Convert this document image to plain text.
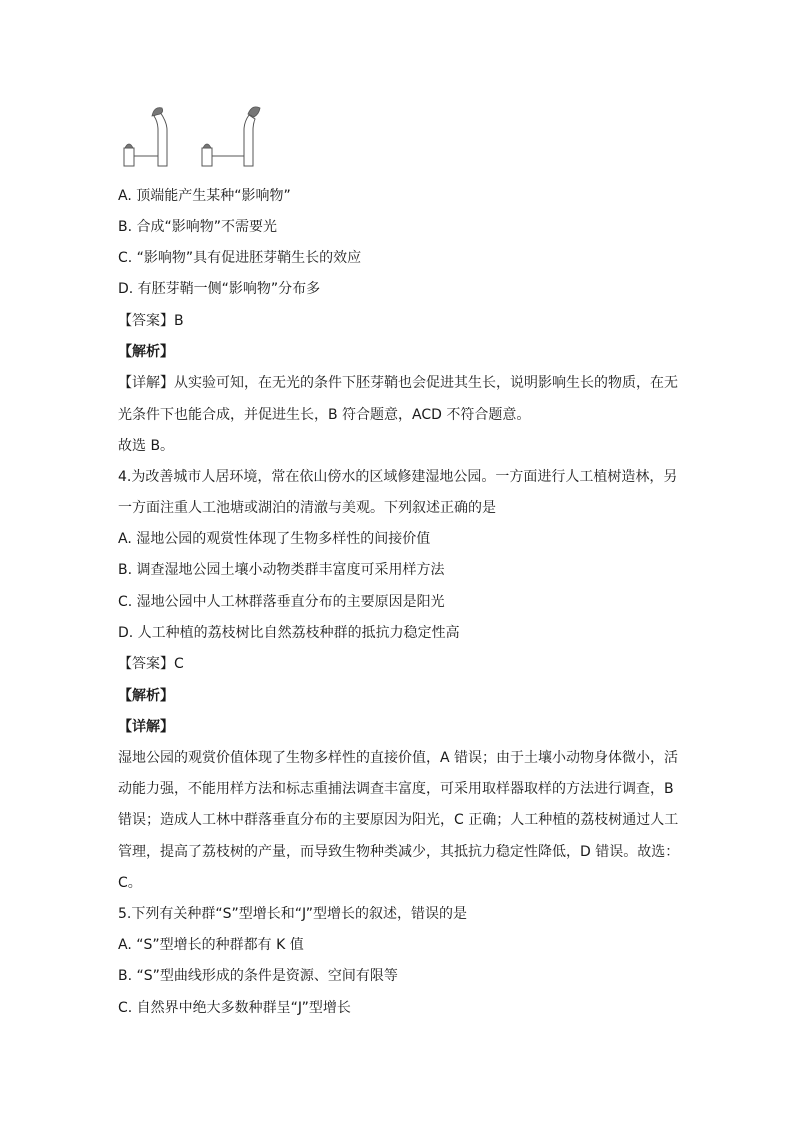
A. 顶端能产生某种“影响物”
B. 合成“影响物”不需要光
C. “影响物”具有促进胚芽鞘生长的效应
D. 有胚芽鞘一侧“影响物”分布多
【答案】B
【解析】
【详解】从实验可知，在无光的条件下胚芽鞘也会促进其生长，说明影响生长的物质，在无
光条件下也能合成，并促进生长，B 符合题意，ACD 不符合题意。
故选 B。
4.为改善城市人居环境，常在依山傍水的区域修建湿地公园。一方面进行人工植树造林，另
一方面注重人工池塘或湖泊的清澈与美观。下列叙述正确的是
A. 湿地公园的观赏性体现了生物多样性的间接价值
B. 调查湿地公园土壤小动物类群丰富度可采用样方法
C. 湿地公园中人工林群落垂直分布的主要原因是阳光
D. 人工种植的荔枝树比自然荔枝种群的抵抗力稳定性高
【答案】C
【解析】
【详解】
湿地公园的观赏价值体现了生物多样性的直接价值，A 错误；由于土壤小动物身体微小，活
动能力强，不能用样方法和标志重捕法调查丰富度，可采用取样器取样的方法进行调查，B
错误；造成人工林中群落垂直分布的主要原因为阳光，C 正确；人工种植的荔枝树通过人工
管理，提高了荔枝树的产量，而导致生物种类减少，其抵抗力稳定性降低，D 错误。故选：
C。
5.下列有关种群“S”型增长和“J”型增长的叙述，错误的是
A. “S”型增长的种群都有 K 值
B. “S”型曲线形成的条件是资源、空间有限等
C. 自然界中绝大多数种群呈“J”型增长
